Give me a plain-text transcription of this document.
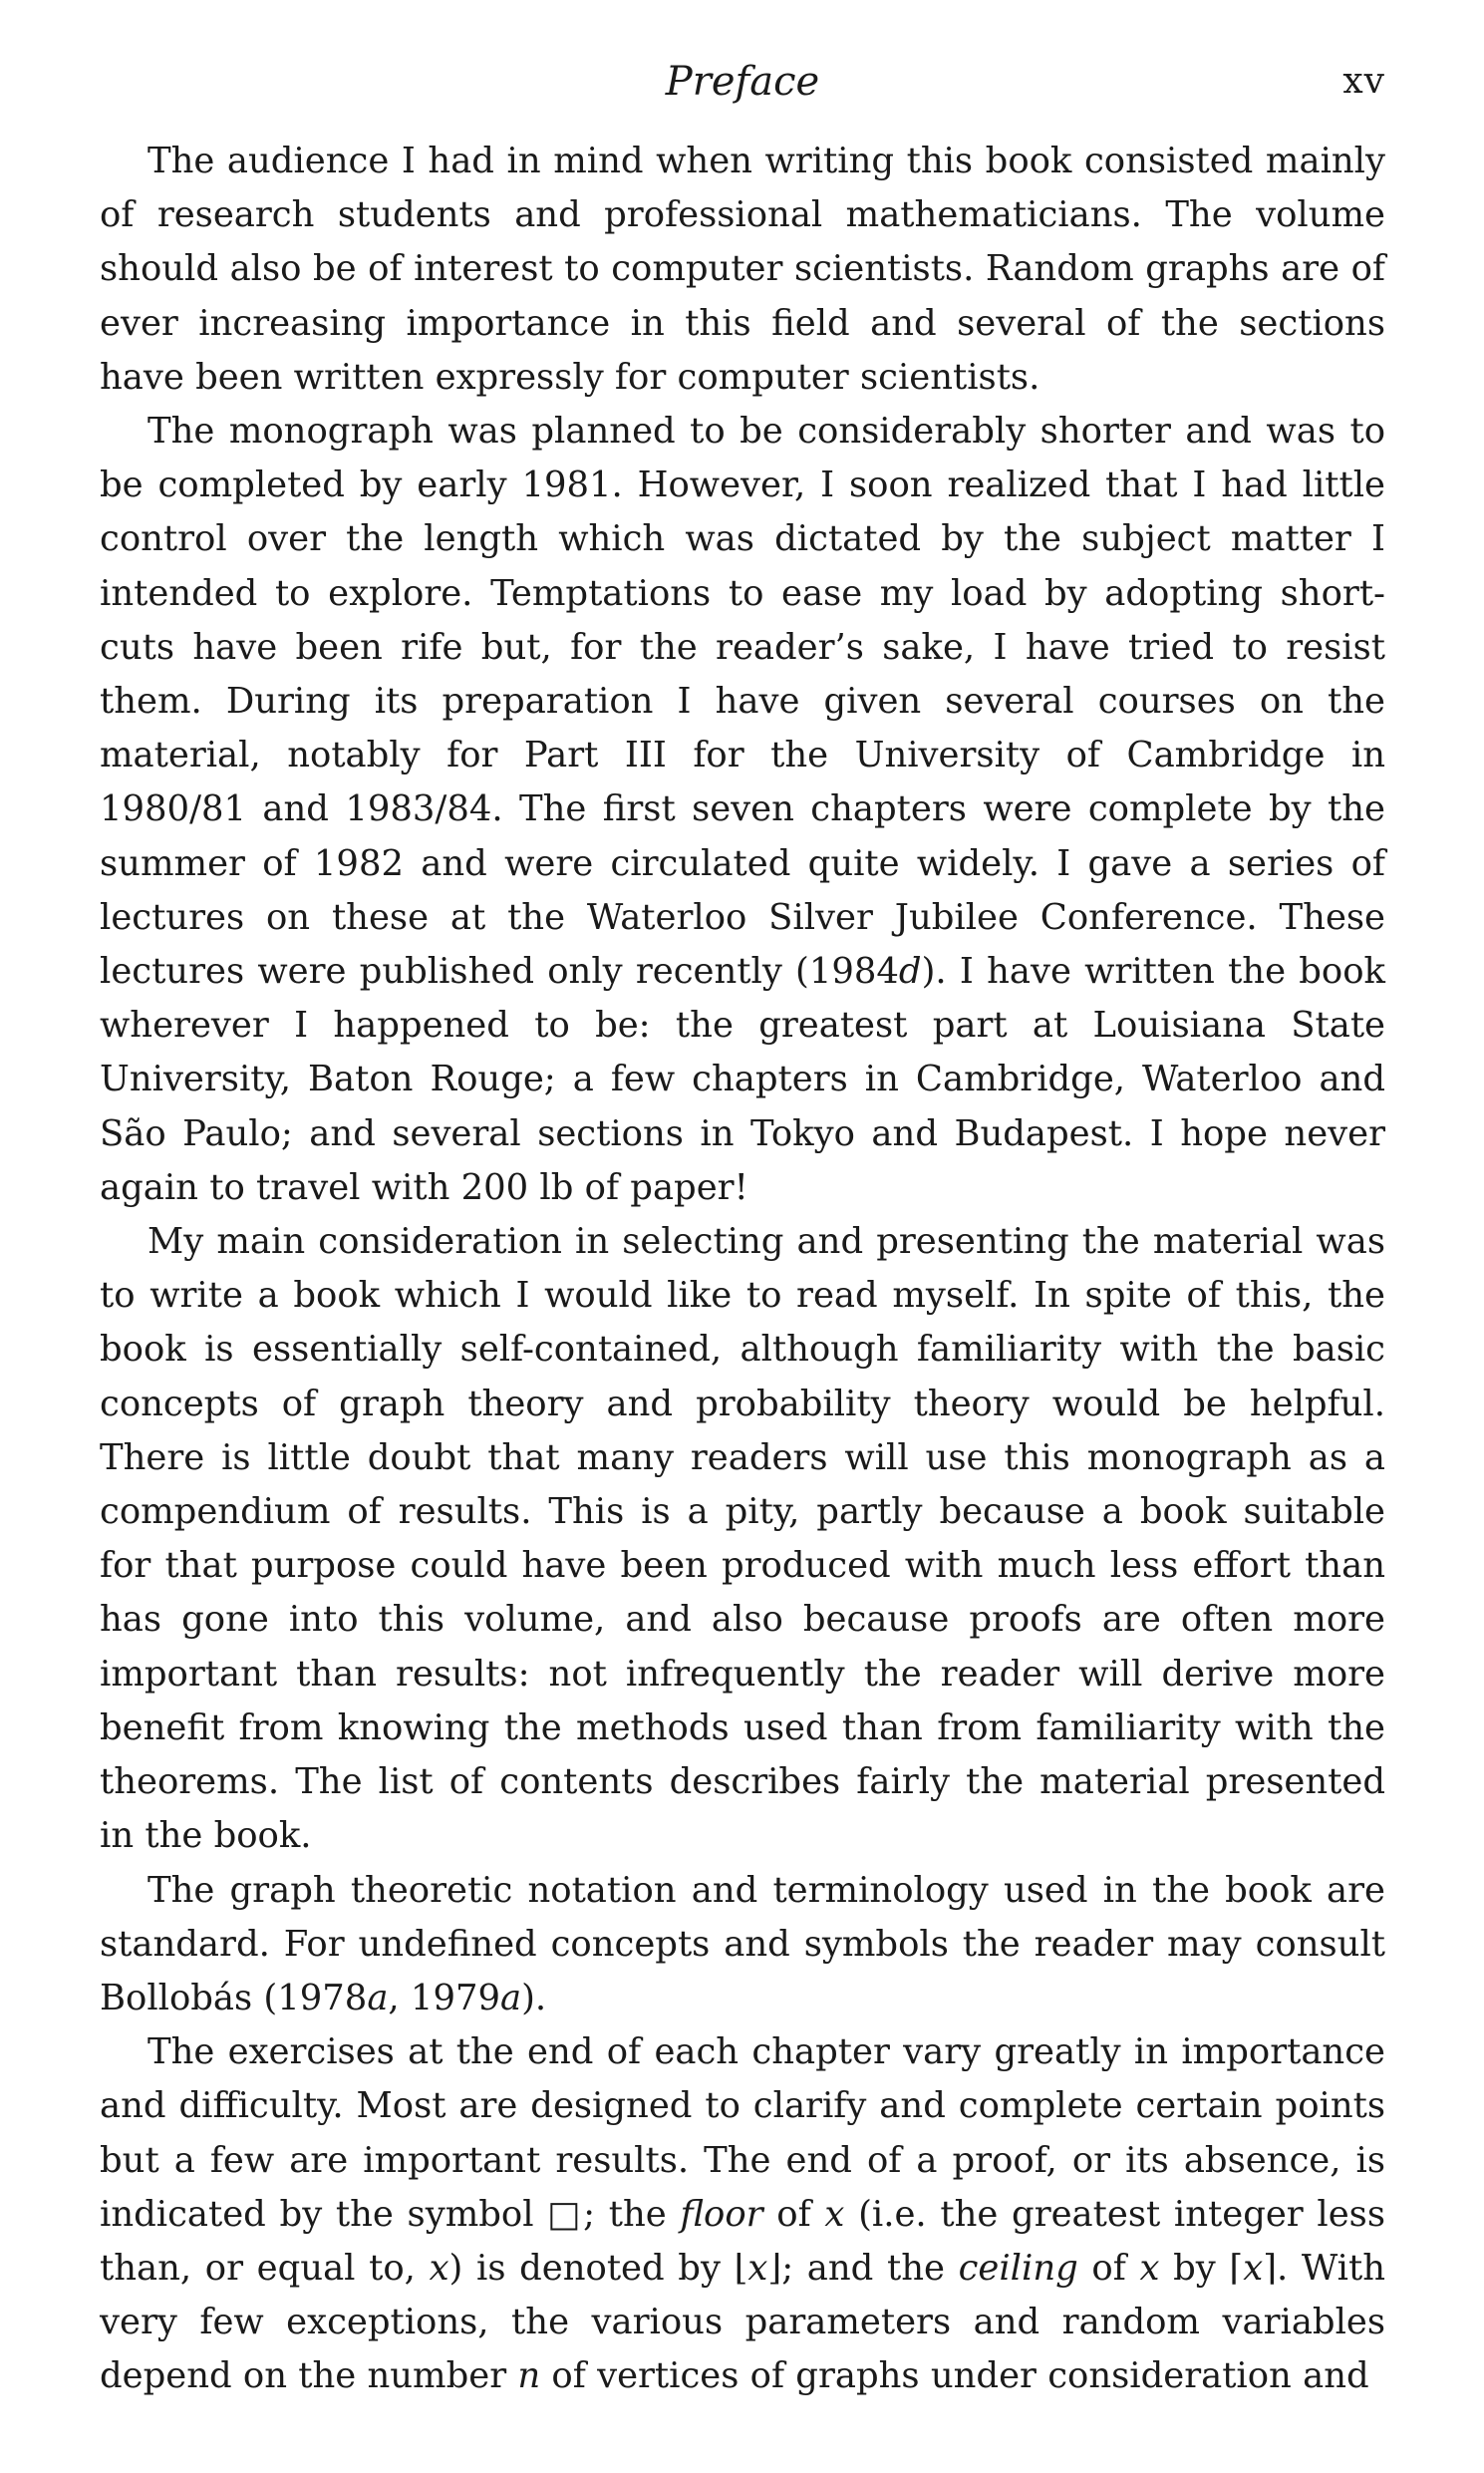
Preface	xv

The audience I had in mind when writing this book consisted mainly of research students and professional mathematicians. The volume should also be of interest to computer scientists. Random graphs are of ever increasing importance in this field and several of the sections have been written expressly for computer scientists.

The monograph was planned to be considerably shorter and was to be completed by early 1981. However, I soon realized that I had little control over the length which was dictated by the subject matter I intended to explore. Temptations to ease my load by adopting short-cuts have been rife but, for the reader’s sake, I have tried to resist them. During its preparation I have given several courses on the material, notably for Part III for the University of Cambridge in 1980/81 and 1983/84. The first seven chapters were complete by the summer of 1982 and were circulated quite widely. I gave a series of lectures on these at the Waterloo Silver Jubilee Conference. These lectures were published only recently (1984d). I have written the book wherever I happened to be: the greatest part at Louisiana State University, Baton Rouge; a few chapters in Cambridge, Waterloo and São Paulo; and several sections in Tokyo and Budapest. I hope never again to travel with 200 lb of paper!

My main consideration in selecting and presenting the material was to write a book which I would like to read myself. In spite of this, the book is essentially self-contained, although familiarity with the basic concepts of graph theory and probability theory would be helpful. There is little doubt that many readers will use this monograph as a compendium of results. This is a pity, partly because a book suitable for that purpose could have been produced with much less effort than has gone into this volume, and also because proofs are often more important than results: not infrequently the reader will derive more benefit from knowing the methods used than from familiarity with the theorems. The list of contents describes fairly the material presented in the book.

The graph theoretic notation and terminology used in the book are standard. For undefined concepts and symbols the reader may consult Bollobás (1978a, 1979a).

The exercises at the end of each chapter vary greatly in importance and difficulty. Most are designed to clarify and complete certain points but a few are important results. The end of a proof, or its absence, is indicated by the symbol □; the floor of x (i.e. the greatest integer less than, or equal to, x) is denoted by ⌊x⌋; and the ceiling of x by ⌈x⌉. With very few exceptions, the various parameters and random variables depend on the number n of vertices of graphs under consideration and
